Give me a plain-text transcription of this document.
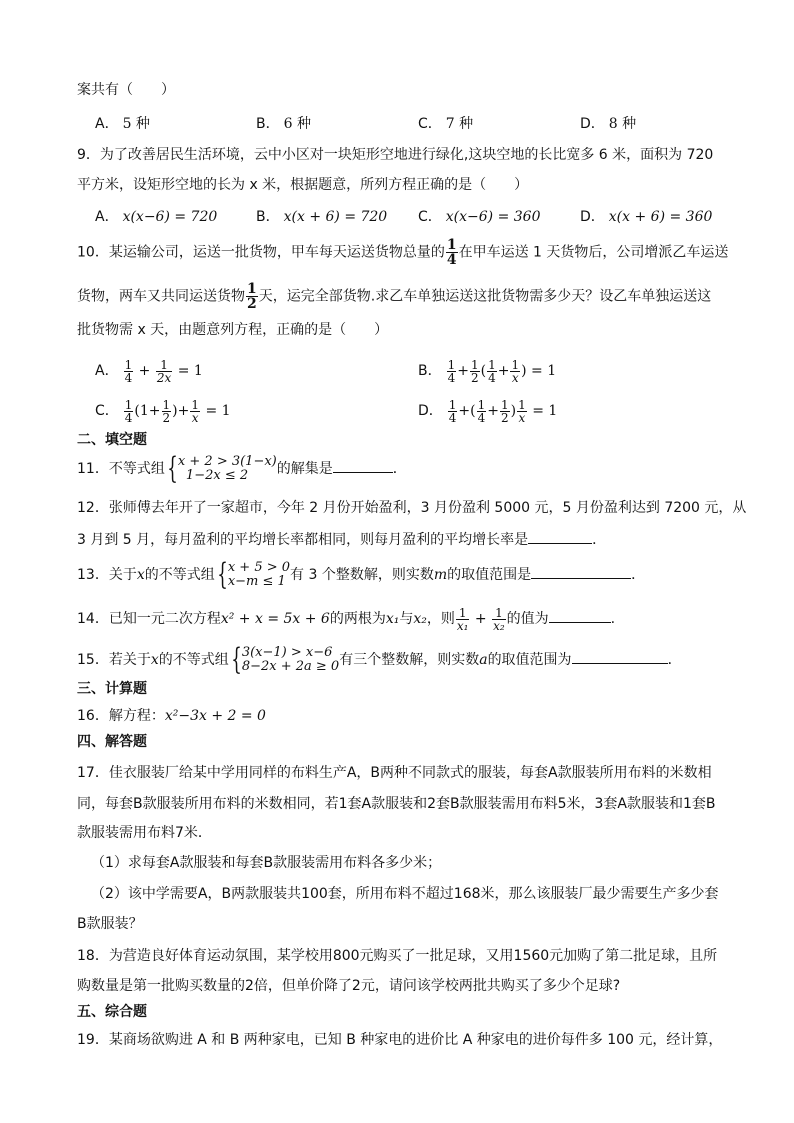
案共有（　　）
A． 5 种	B． 6 种	C． 7 种	D． 8 种
9．为了改善居民生活环境，云中小区对一块矩形空地进行绿化,这块空地的长比宽多 6 米，面积为 720
平方米，设矩形空地的长为 x 米，根据题意，所列方程正确的是（　　）
A． x(x−6) = 720	B． x(x + 6) = 720 C． x(x−6) = 360	D． x(x + 6) = 360
10．某运输公司，运送一批货物，甲车每天运送货物总量的 $\frac{1}{4}$ 在甲车运送 1 天货物后，公司增派乙车运送
货物，两车又共同运送货物 $\frac{1}{2}$ 天，运完全部货物.求乙车单独运送这批货物需多少天？设乙车单独运送这
批货物需 x 天，由题意列方程，正确的是（　　）
A． $\frac{1}{4} + \frac{1}{2x} = 1$	B． $\frac{1}{4} + \frac{1}{2}$ ( $\frac{1}{4} + \frac{1}{x}$ ) = 1
C． $\frac{1}{4} (1+ \frac{1}{2}$ )+ $\frac{1}{x} = 1$	D． $\frac{1}{4}$ +( $\frac{1}{4} + \frac{1}{2}$ ) $\frac{1}{x} = 1$
二、填空题
11．不等式组{ x + 2 > 3(1−x)
1−2x ≤ 2	的解集是	．
12．张师傅去年开了一家超市，今年 2 月份开始盈利，3 月份盈利 5000 元，5 月份盈利达到 7200 元，从
3 月到 5 月，每月盈利的平均增长率都相同，则每月盈利的平均增长率是	．
13．关于x的不等式组{ x + 5 > 0
x−m ≤ 1 有 3 个整数解，则实数m的取值范围是	．
14．已知一元二次方程x² + x = 5x + 6的两根为x₁与x₂，则 $\frac{1}{\text{x₁}} + \frac{1}{\text{x₂}}$ 的值为	.
15．若关于x的不等式组{ 3(x−1) > x−6
8−2x + 2a ≥ 0 有三个整数解，则实数a的取值范围为	．
三、计算题
16．解方程：x²−3x + 2 = 0
四、解答题
17．佳衣服装厂给某中学用同样的布料生产A，B两种不同款式的服装，每套A款服装所用布料的米数相
同，每套B款服装所用布料的米数相同，若1套A款服装和2套B款服装需用布料5米，3套A款服装和1套B
款服装需用布料7米．
（1）求每套A款服装和每套B款服装需用布料各多少米；
（2）该中学需要A，B两款服装共100套，所用布料不超过168米，那么该服装厂最少需要生产多少套
B款服装？
18．为营造良好体育运动氛围，某学校用800元购买了一批足球，又用1560元加购了第二批足球，且所
购数量是第一批购买数量的2倍，但单价降了2元，请问该学校两批共购买了多少个足球?
五、综合题
19．某商场欲购进 A 和 B 两种家电，已知 B 种家电的进价比 A 种家电的进价每件多 100 元，经计算，
